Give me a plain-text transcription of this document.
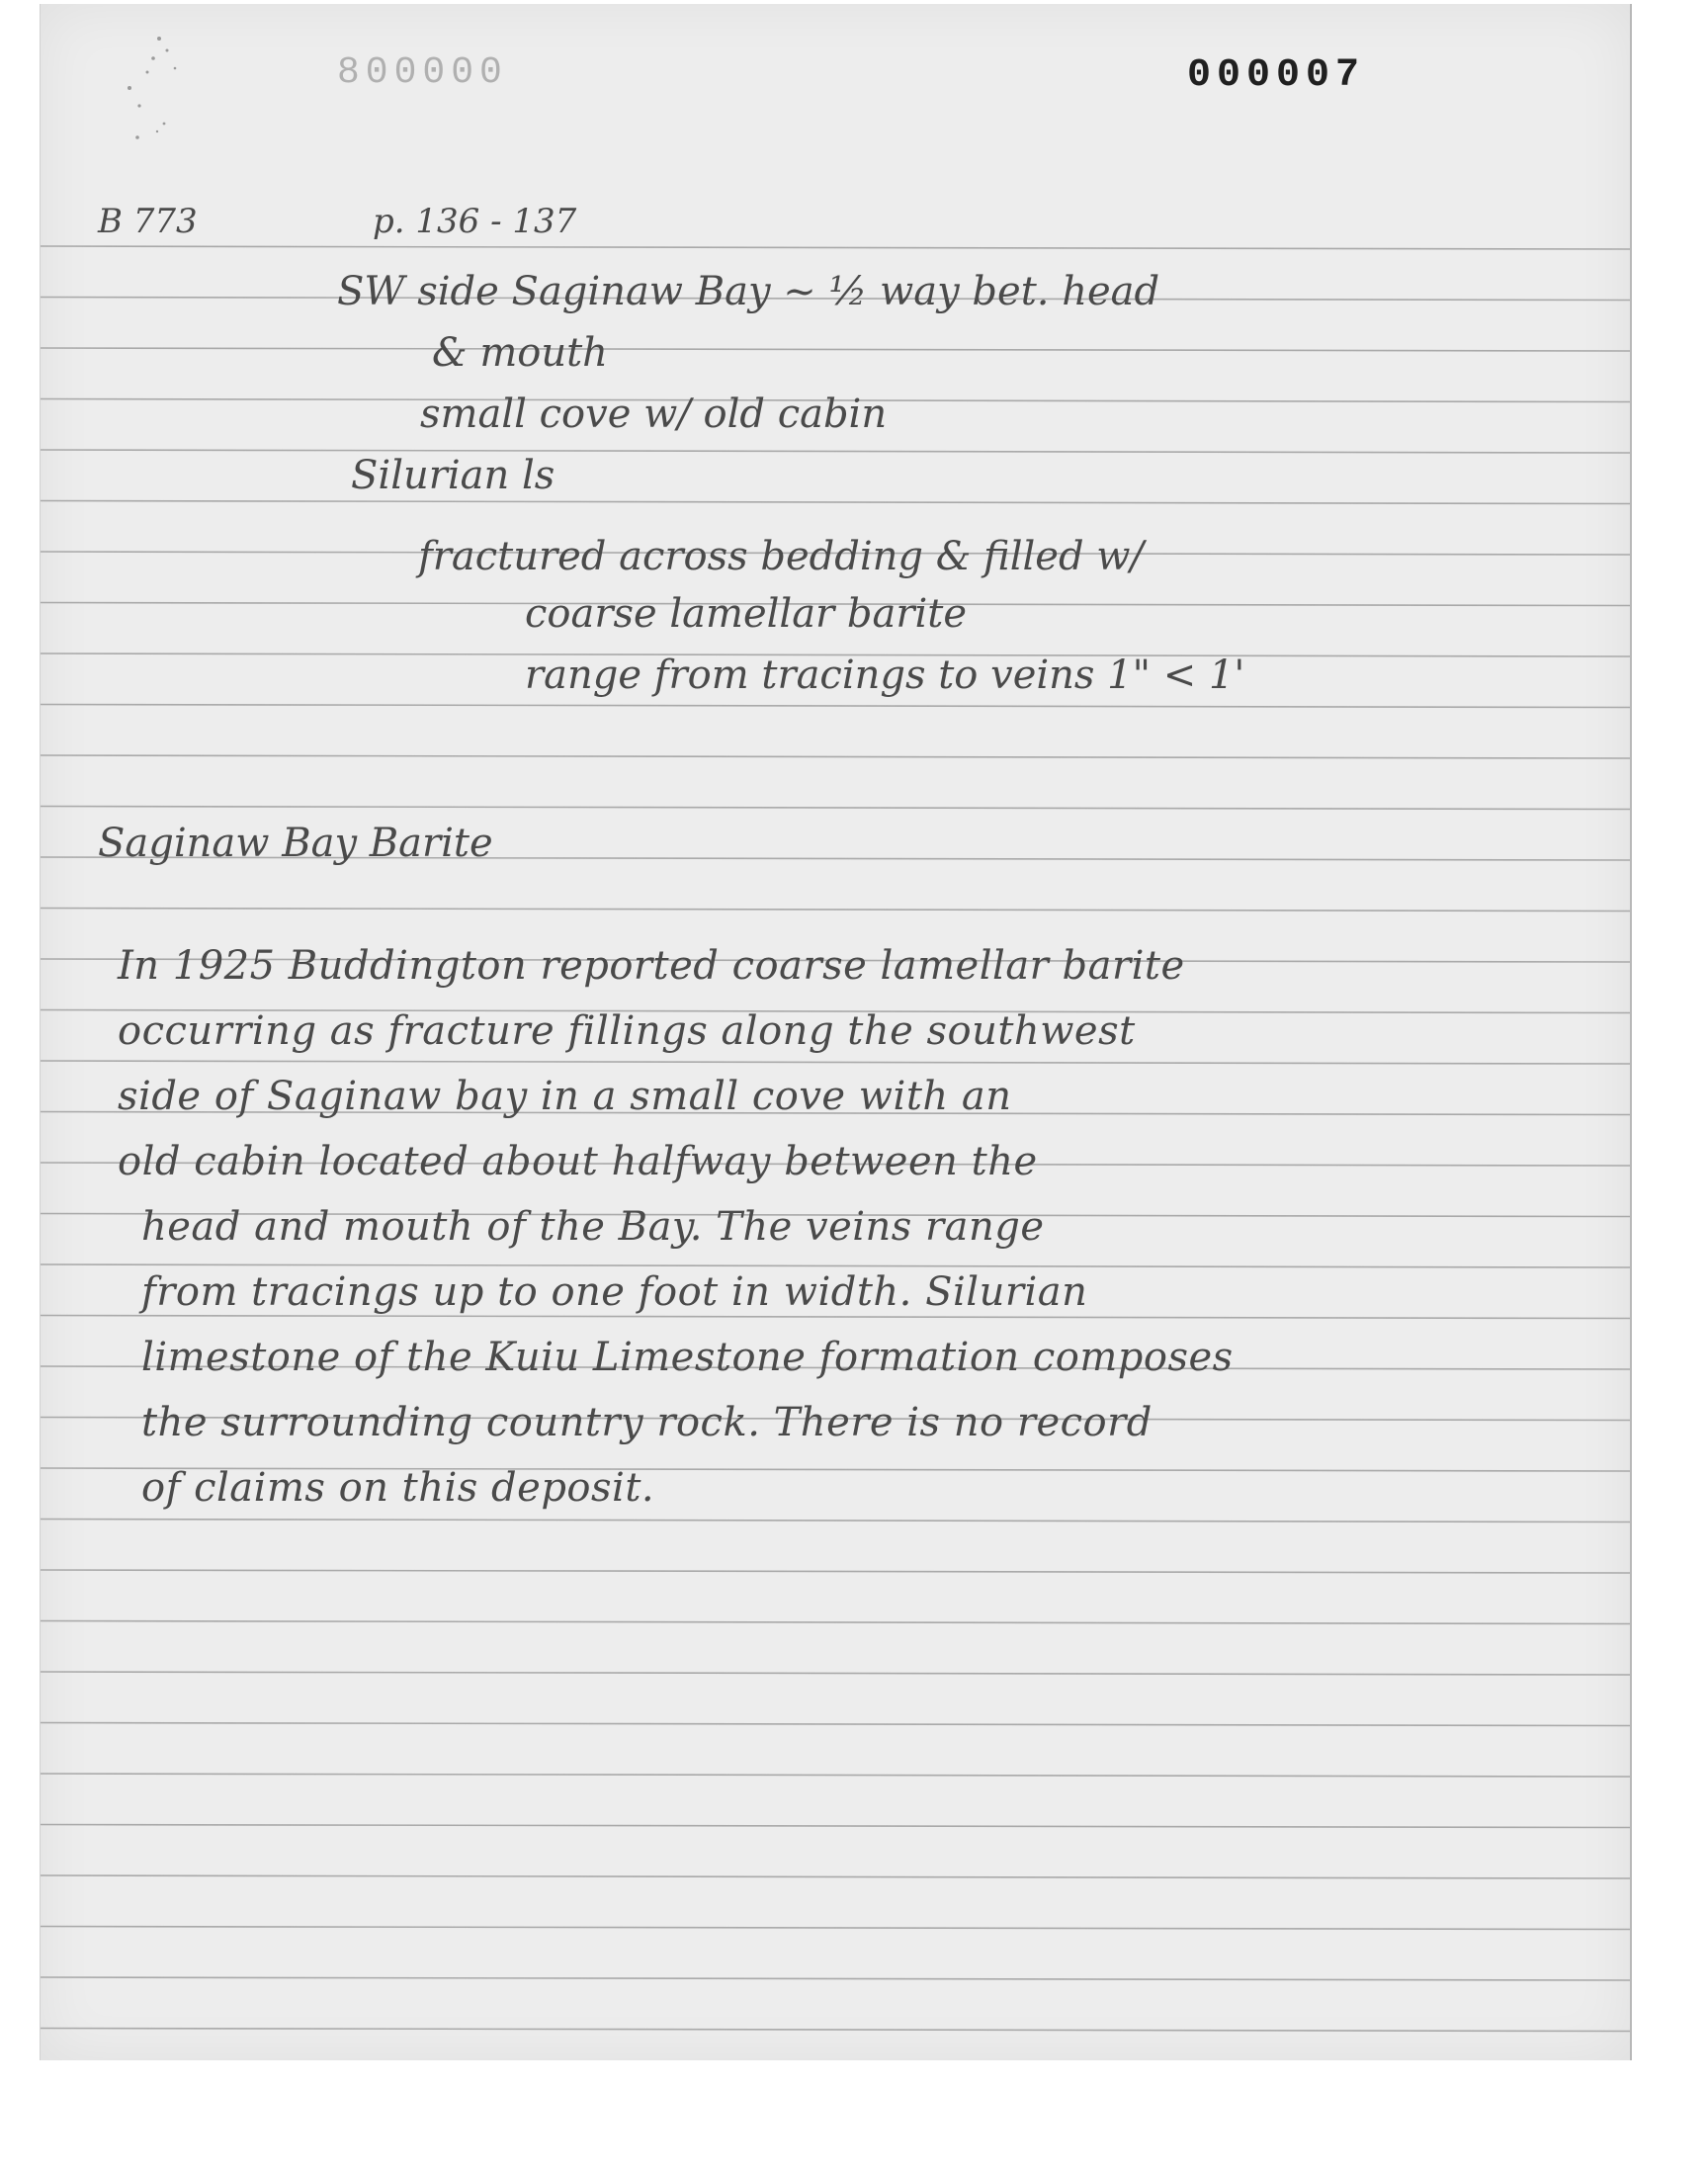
800000	000007

B 773	p. 136 - 137

SW side Saginaw Bay ~ ½ way bet. head

& mouth

small cove w/ old cabin

Silurian ls

fractured across bedding & filled w/

coarse lamellar barite

range from tracings to veins 1" < 1'

Saginaw Bay Barite

In 1925 Buddington reported coarse lamellar barite

occurring as fracture fillings along the southwest

side of Saginaw bay in a small cove with an

old cabin located about halfway between the

head and mouth of the Bay. The veins range

from tracings up to one foot in width. Silurian

limestone of the Kuiu Limestone formation composes

the surrounding country rock. There is no record

of claims on this deposit.
